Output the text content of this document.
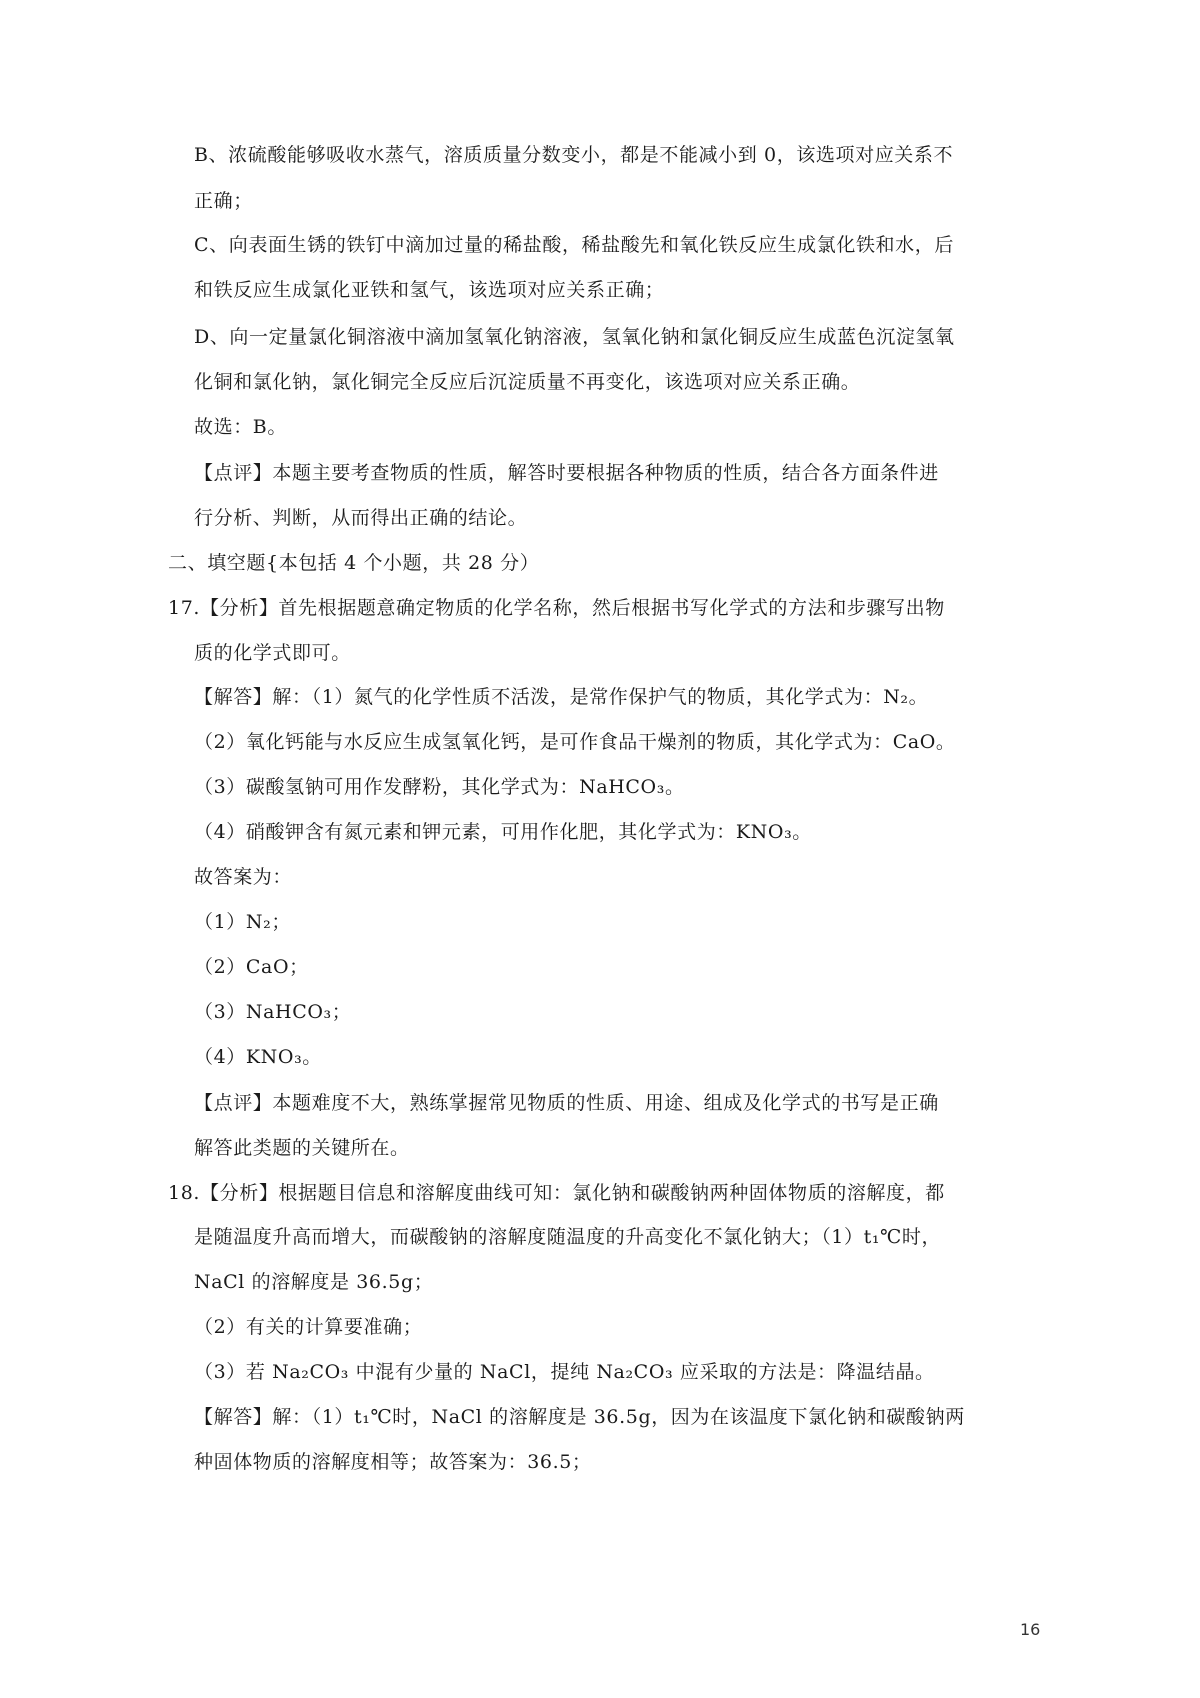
B、浓硫酸能够吸收水蒸气，溶质质量分数变小，都是不能减小到 0，该选项对应关系不
正确；
C、向表面生锈的铁钉中滴加过量的稀盐酸，稀盐酸先和氧化铁反应生成氯化铁和水，后
和铁反应生成氯化亚铁和氢气，该选项对应关系正确；
D、向一定量氯化铜溶液中滴加氢氧化钠溶液，氢氧化钠和氯化铜反应生成蓝色沉淀氢氧
化铜和氯化钠，氯化铜完全反应后沉淀质量不再变化，该选项对应关系正确。
故选：B。
【点评】本题主要考查物质的性质，解答时要根据各种物质的性质，结合各方面条件进
行分析、判断，从而得出正确的结论。
二、填空题{本包括 4 个小题，共 28 分）
17.【分析】首先根据题意确定物质的化学名称，然后根据书写化学式的方法和步骤写出物
质的化学式即可。
【解答】解：（1）氮气的化学性质不活泼，是常作保护气的物质，其化学式为：N₂。
（2）氧化钙能与水反应生成氢氧化钙，是可作食品干燥剂的物质，其化学式为：CaO。
（3）碳酸氢钠可用作发酵粉，其化学式为：NaHCO₃。
（4）硝酸钾含有氮元素和钾元素，可用作化肥，其化学式为：KNO₃。
故答案为：
（1）N₂；
（2）CaO；
（3）NaHCO₃；
（4）KNO₃。
【点评】本题难度不大，熟练掌握常见物质的性质、用途、组成及化学式的书写是正确
解答此类题的关键所在。
18.【分析】根据题目信息和溶解度曲线可知：氯化钠和碳酸钠两种固体物质的溶解度，都
是随温度升高而增大，而碳酸钠的溶解度随温度的升高变化不氯化钠大；（1）t₁℃时，
NaCl 的溶解度是 36.5g；
（2）有关的计算要准确；
（3）若 Na₂CO₃ 中混有少量的 NaCl，提纯 Na₂CO₃ 应采取的方法是：降温结晶。
【解答】解：（1）t₁℃时，NaCl 的溶解度是 36.5g，因为在该温度下氯化钠和碳酸钠两
种固体物质的溶解度相等；故答案为：36.5；
16
